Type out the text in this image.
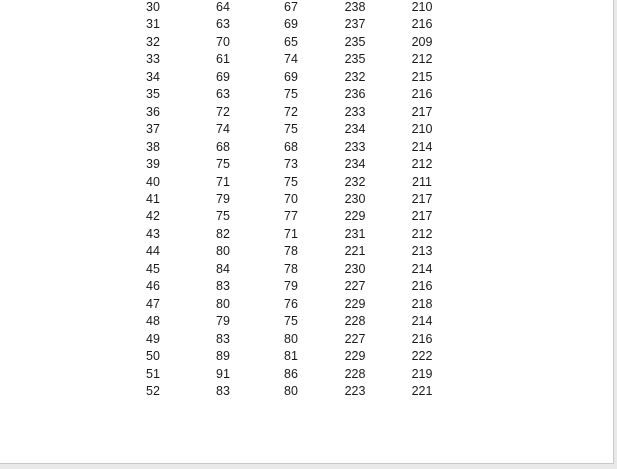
30	64	67	238	210
31	63	69	237	216
32	70	65	235	209
33	61	74	235	212
34	69	69	232	215
35	63	75	236	216
36	72	72	233	217
37	74	75	234	210
38	68	68	233	214
39	75	73	234	212
40	71	75	232	211
41	79	70	230	217
42	75	77	229	217
43	82	71	231	212
44	80	78	221	213
45	84	78	230	214
46	83	79	227	216
47	80	76	229	218
48	79	75	228	214
49	83	80	227	216
50	89	81	229	222
51	91	86	228	219
52	83	80	223	221
